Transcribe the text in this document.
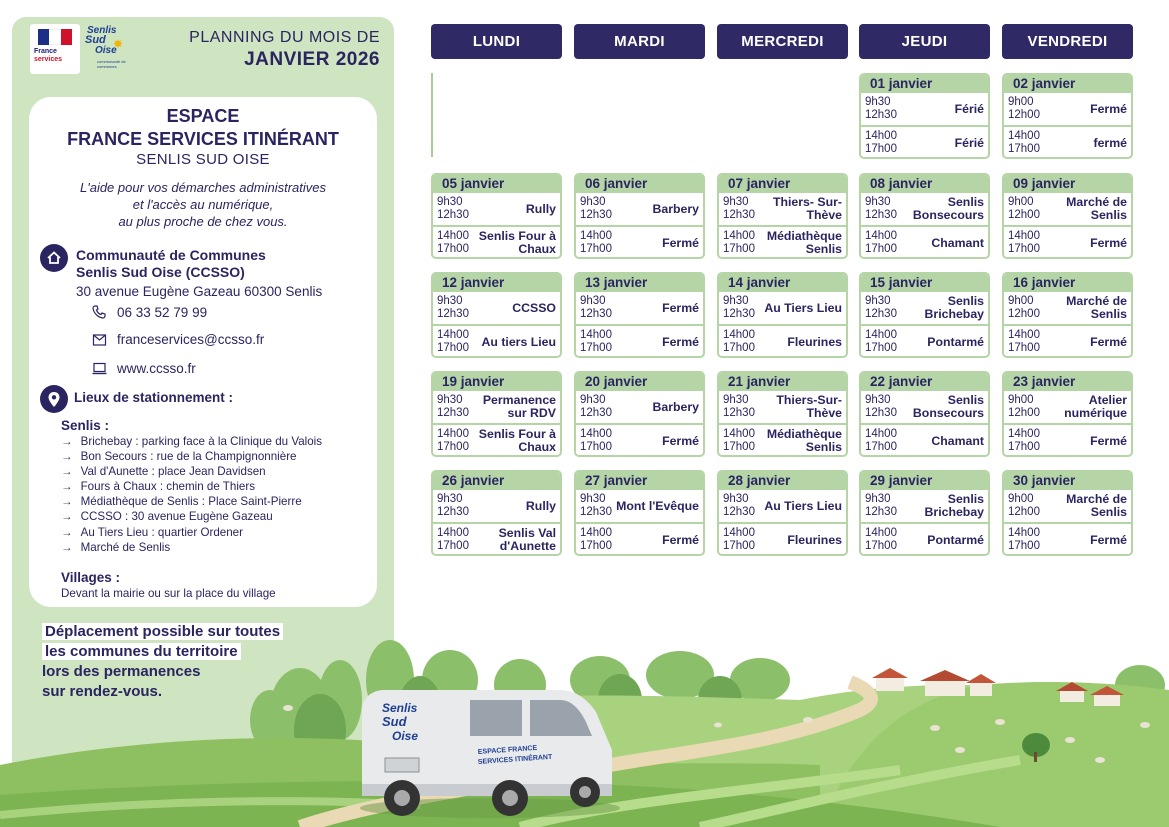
France
services
Senlis
Sud
Oise
✸
communauté de communes
PLANNING DU MOIS DE
JANVIER 2026
ESPACE
FRANCE SERVICES ITINÉRANT
SENLIS SUD OISE
L'aide pour vos démarches administratives
et l'accès au numérique,
au plus proche de chez vous.
Communauté de Communes
Senlis Sud Oise (CCSSO)
30 avenue Eugène Gazeau 60300 Senlis
06 33 52 79 99
franceservices@ccsso.fr
www.ccsso.fr
Lieux de stationnement :
Senlis :
→ Brichebay : parking face à la Clinique du Valois
→ Bon Secours : rue de la Champignonnière
→ Val d'Aunette : place Jean Davidsen
→ Fours à Chaux : chemin de Thiers
→ Médiathèque de Senlis : Place Saint-Pierre
→ CCSSO : 30 avenue Eugène Gazeau
→ Au Tiers Lieu : quartier Ordener
→ Marché de Senlis
Villages :
Devant la mairie ou sur la place du village
Senlis
Sud
Oise
ESPACE FRANCE
SERVICES ITINÉRANT
Déplacement possible sur toutes
les communes du territoire
lors des permanences
sur rendez-vous.
LUNDI	MARDI	MERCREDI	JEUDI	VENDREDI
01 janvier
9h30
12h30	Férié
14h00
17h00	Férié
02 janvier
9h00
12h00	Fermé
14h00
17h00	fermé
05 janvier
9h30
12h30	Rully
14h00
17h00
Senlis Four à Chaux
06 janvier
9h30
12h30	Barbery
14h00
17h00	Fermé
07 janvier
9h30
12h30
Thiers- Sur-Thève
14h00
17h00
Médiathèque Senlis
08 janvier
9h30
12h30
Senlis Bonsecours
14h00
17h00	Chamant
09 janvier
9h00
12h00
Marché de Senlis
14h00
17h00	Fermé
12 janvier
9h30
12h30	CCSSO
14h00
17h00 Au tiers Lieu
13 janvier
9h30
12h30	Fermé
14h00
17h00	Fermé
14 janvier
9h30
12h30 Au Tiers Lieu
14h00
17h00	Fleurines
15 janvier
9h30
12h30
Senlis Brichebay
14h00
17h00 Pontarmé
16 janvier
9h00
12h00
Marché de Senlis
14h00
17h00	Fermé
19 janvier
9h30
12h30
Permanence sur RDV
14h00
17h00
Senlis Four à Chaux
20 janvier
9h30
12h30	Barbery
14h00
17h00	Fermé
21 janvier
9h30
12h30
Thiers-Sur-Thève
14h00
17h00
Médiathèque Senlis
22 janvier
9h30
12h30
Senlis Bonsecours
14h00
17h00	Chamant
23 janvier
9h00
12h00
Atelier numérique
14h00
17h00	Fermé
26 janvier
9h30
12h30	Rully
14h00
17h00
Senlis Val d'Aunette
27 janvier
9h30
12h30 Mont l'Evêque
14h00
17h00	Fermé
28 janvier
9h30
12h30 Au Tiers Lieu
14h00
17h00	Fleurines
29 janvier
9h30
12h30
Senlis Brichebay
14h00
17h00 Pontarmé
30 janvier
9h00
12h00
Marché de Senlis
14h00
17h00	Fermé
